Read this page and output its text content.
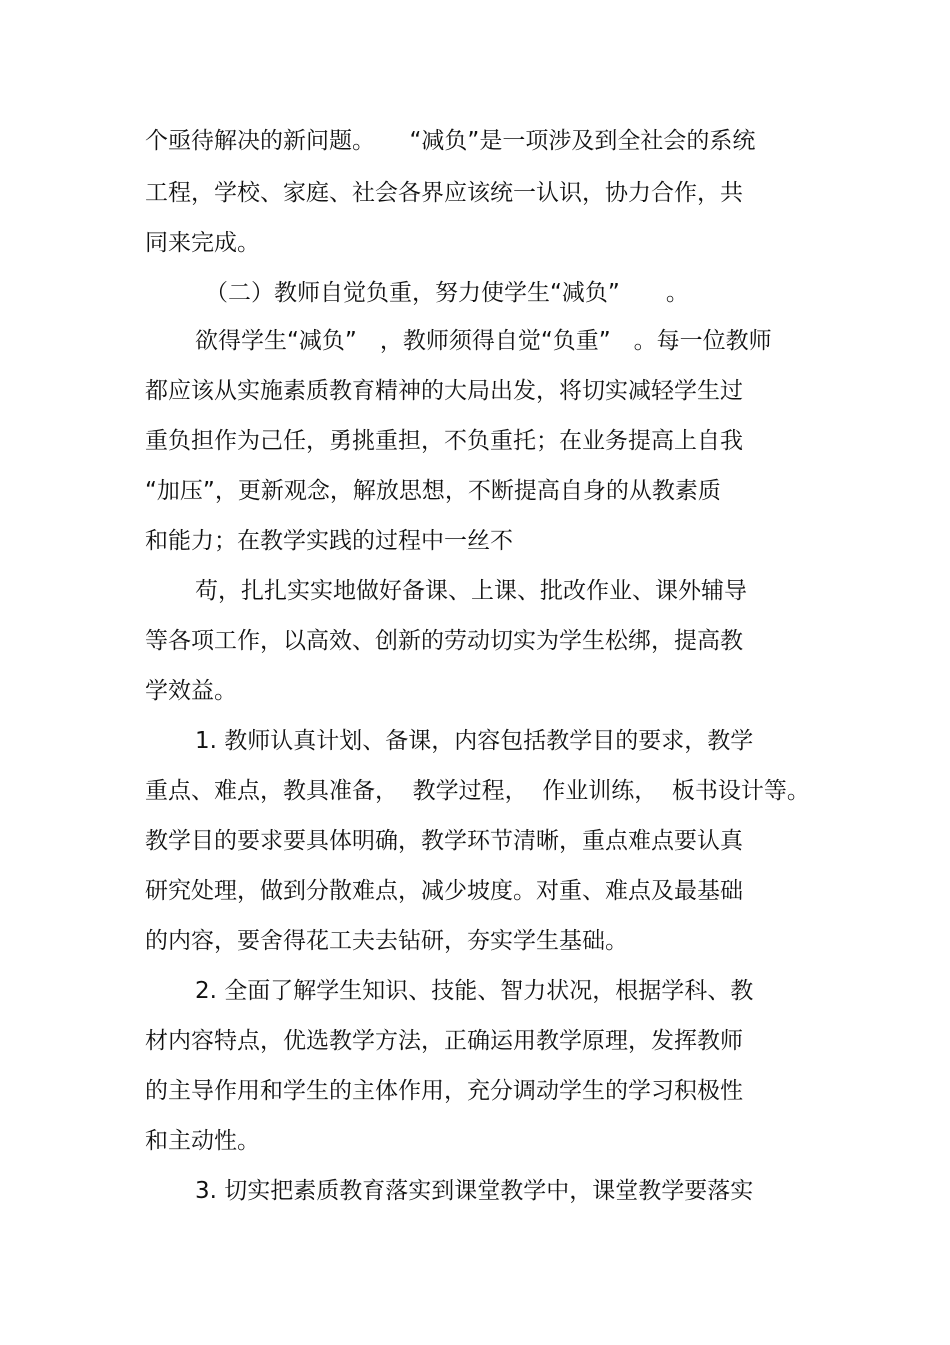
个亟待解决的新问题。　　“减负”是一项涉及到全社会的系统
工程，学校、家庭、社会各界应该统一认识，协力合作，共
同来完成。
（二）教师自觉负重，努力使学生“减负”　　。
欲得学生“减负”　，教师须得自觉“负重”　。每一位教师
都应该从实施素质教育精神的大局出发，将切实减轻学生过
重负担作为己任，勇挑重担，不负重托；在业务提高上自我
“加压”，更新观念，解放思想，不断提高自身的从教素质
和能力；在教学实践的过程中一丝不
苟，扎扎实实地做好备课、上课、批改作业、课外辅导
等各项工作，以高效、创新的劳动切实为学生松绑，提高教
学效益。
1. 教师认真计划、备课，内容包括教学目的要求，教学
重点、难点，教具准备，  教学过程，  作业训练，  板书设计等。
教学目的要求要具体明确，教学环节清晰，重点难点要认真
研究处理，做到分散难点，减少坡度。对重、难点及最基础
的内容，要舍得花工夫去钻研，夯实学生基础。
2. 全面了解学生知识、技能、智力状况，根据学科、教
材内容特点，优选教学方法，正确运用教学原理，发挥教师
的主导作用和学生的主体作用，充分调动学生的学习积极性
和主动性。
3. 切实把素质教育落实到课堂教学中，课堂教学要落实
